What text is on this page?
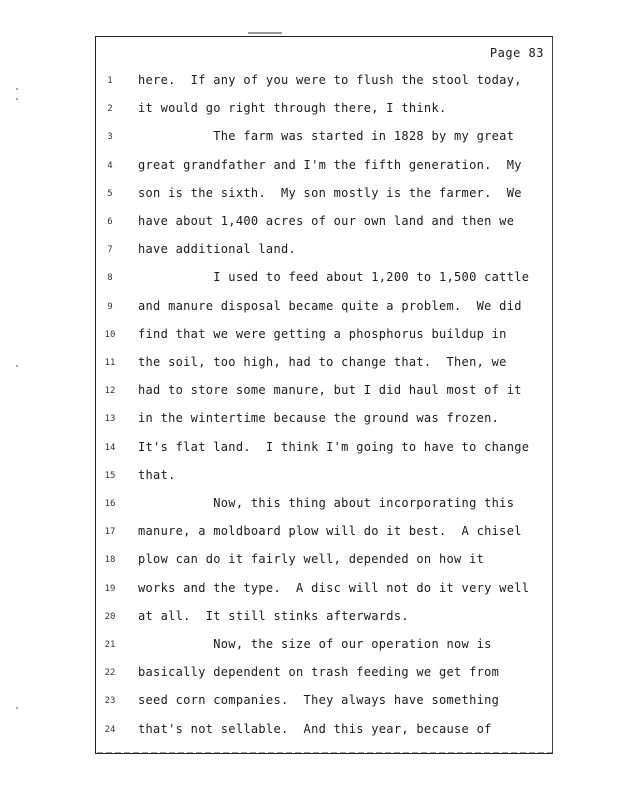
Page 83
1	here.  If any of you were to flush the stool today,
2	it would go right through there, I think.
3	The farm was started in 1828 by my great
4	great grandfather and I'm the fifth generation.  My
5	son is the sixth.  My son mostly is the farmer.  We
6	have about 1,400 acres of our own land and then we
7	have additional land.
8	I used to feed about 1,200 to 1,500 cattle
9	and manure disposal became quite a problem.  We did
10	find that we were getting a phosphorus buildup in
11	the soil, too high, had to change that.  Then, we
12	had to store some manure, but I did haul most of it
13	in the wintertime because the ground was frozen.
14	It's flat land.  I think I'm going to have to change
15	that.
16	Now, this thing about incorporating this
17	manure, a moldboard plow will do it best.  A chisel
18	plow can do it fairly well, depended on how it
19	works and the type.  A disc will not do it very well
20	at all.  It still stinks afterwards.
21	Now, the size of our operation now is
22	basically dependent on trash feeding we get from
23	seed corn companies.  They always have something
24	that's not sellable.  And this year, because of
